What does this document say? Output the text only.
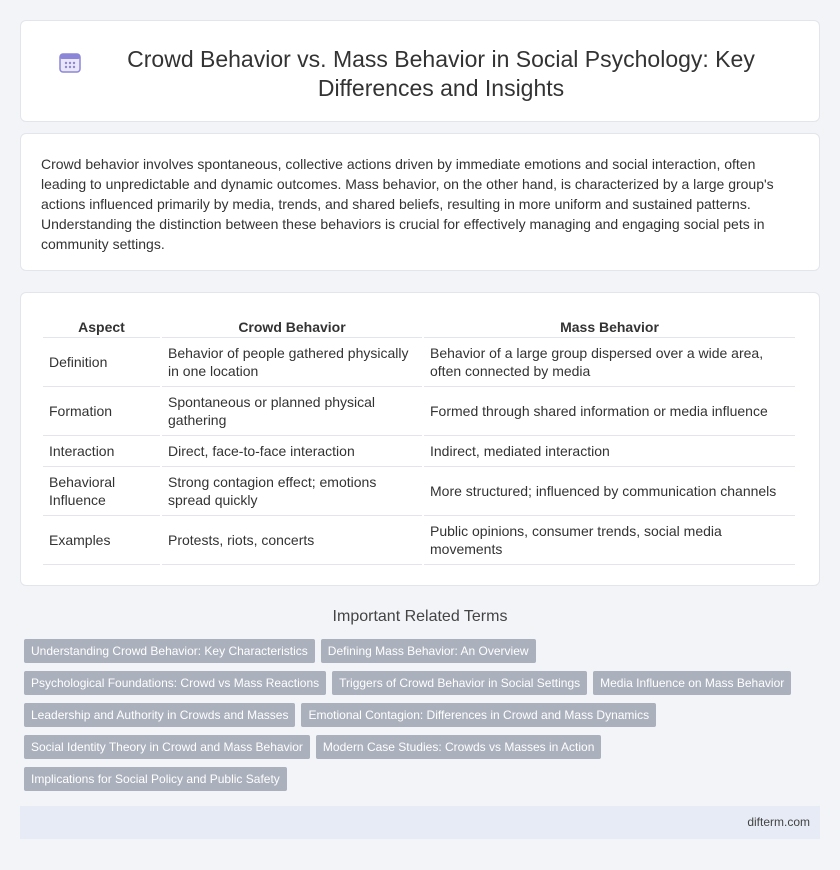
Crowd Behavior vs. Mass Behavior in Social Psychology: Key Differences and Insights

Crowd behavior involves spontaneous, collective actions driven by immediate emotions and social interaction, often leading to unpredictable and dynamic outcomes. Mass behavior, on the other hand, is characterized by a large group's actions influenced primarily by media, trends, and shared beliefs, resulting in more uniform and sustained patterns. Understanding the distinction between these behaviors is crucial for effectively managing and engaging social pets in community settings.

Aspect	Crowd Behavior	Mass Behavior
Definition	Behavior of people gathered physically in one location	Behavior of a large group dispersed over a wide area, often connected by media
Formation	Spontaneous or planned physical gathering	Formed through shared information or media influence
Interaction	Direct, face-to-face interaction	Indirect, mediated interaction
Behavioral Influence	Strong contagion effect; emotions spread quickly	More structured; influenced by communication channels
Examples	Protests, riots, concerts	Public opinions, consumer trends, social media movements
Important Related Terms
Understanding Crowd Behavior: Key Characteristics	Defining Mass Behavior: An Overview
Psychological Foundations: Crowd vs Mass Reactions	Triggers of Crowd Behavior in Social Settings	Media Influence on Mass Behavior
Leadership and Authority in Crowds and Masses	Emotional Contagion: Differences in Crowd and Mass Dynamics
Social Identity Theory in Crowd and Mass Behavior	Modern Case Studies: Crowds vs Masses in Action
Implications for Social Policy and Public Safety
difterm.com
